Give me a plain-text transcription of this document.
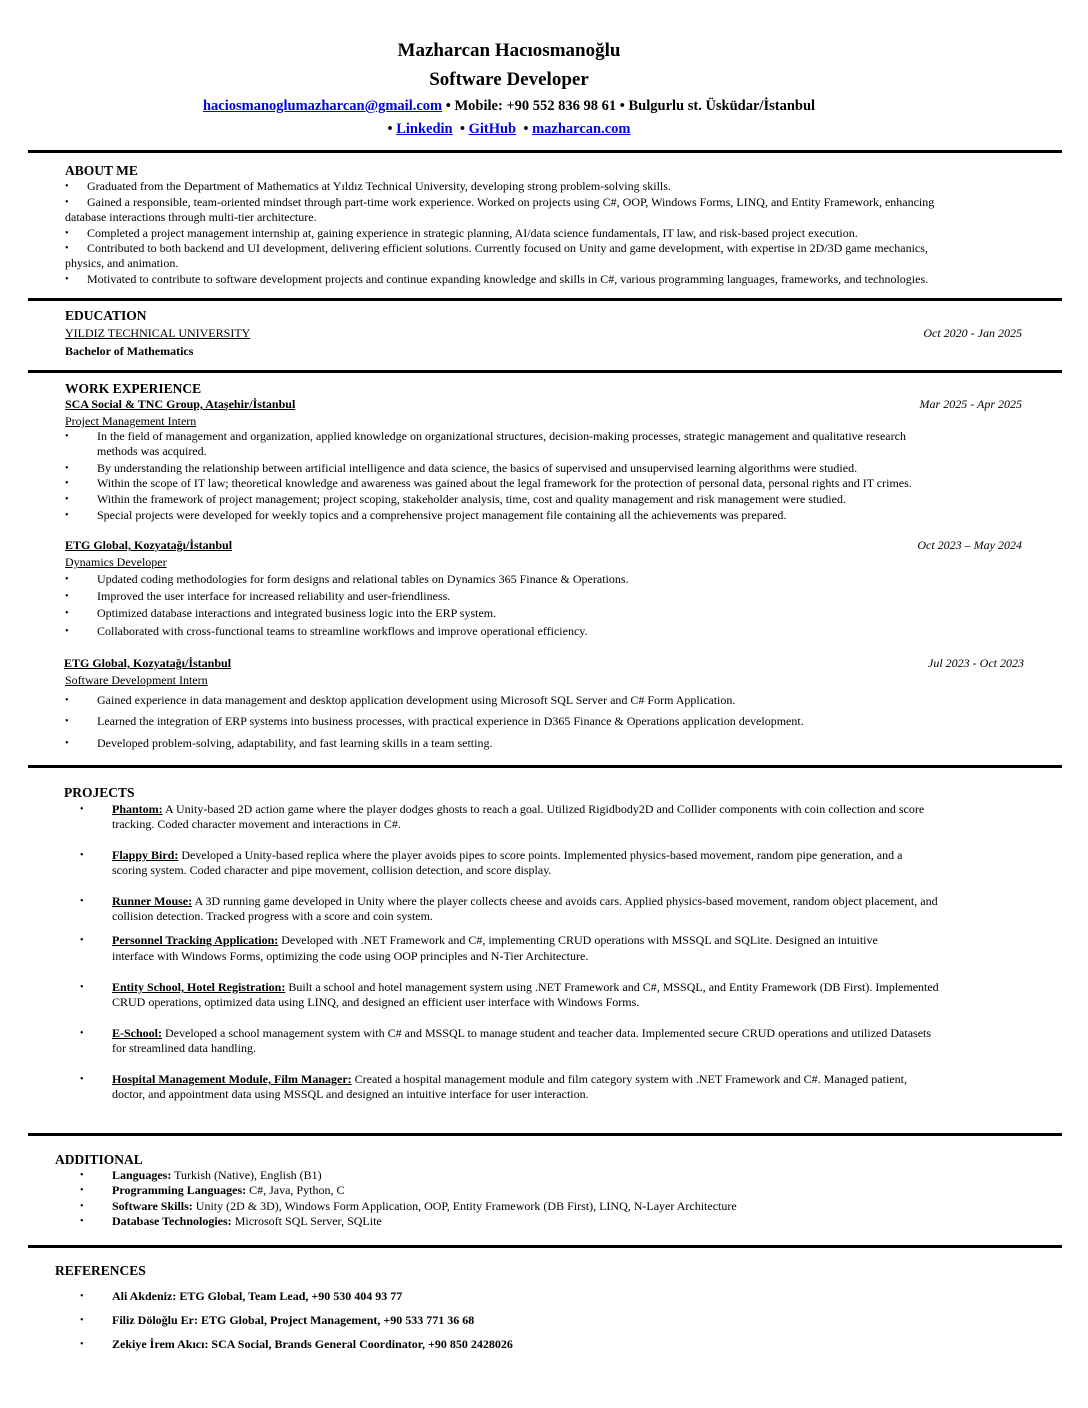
Mazharcan Hacıosmanoğlu
Software Developer
haciosmanoglumazharcan@gmail.com • Mobile: +90 552 836 98 61 • Bulgurlu st. Üsküdar/İstanbul
• Linkedin • GitHub • mazharcan.com
ABOUT ME
• Graduated from the Department of Mathematics at Yıldız Technical University, developing strong problem-solving skills.
• Gained a responsible, team-oriented mindset through part-time work experience. Worked on projects using C#, OOP, Windows Forms, LINQ, and Entity Framework, enhancing
database interactions through multi-tier architecture.
• Completed a project management internship at, gaining experience in strategic planning, AI/data science fundamentals, IT law, and risk-based project execution.
• Contributed to both backend and UI development, delivering efficient solutions. Currently focused on Unity and game development, with expertise in 2D/3D game mechanics,
physics, and animation.
• Motivated to contribute to software development projects and continue expanding knowledge and skills in C#, various programming languages, frameworks, and technologies.
EDUCATION
YILDIZ TECHNICAL UNIVERSITY	Oct 2020 - Jan 2025
Bachelor of Mathematics
WORK EXPERIENCE
SCA Social & TNC Group, Ataşehir/İstanbul	Mar 2025 - Apr 2025
Project Management Intern
• In the field of management and organization, applied knowledge on organizational structures, decision-making processes, strategic management and qualitative research
methods was acquired.
• By understanding the relationship between artificial intelligence and data science, the basics of supervised and unsupervised learning algorithms were studied.
• Within the scope of IT law; theoretical knowledge and awareness was gained about the legal framework for the protection of personal data, personal rights and IT crimes.
• Within the framework of project management; project scoping, stakeholder analysis, time, cost and quality management and risk management were studied.
• Special projects were developed for weekly topics and a comprehensive project management file containing all the achievements was prepared.
ETG Global, Kozyatağı/İstanbul	Oct 2023 – May 2024
Dynamics Developer
• Updated coding methodologies for form designs and relational tables on Dynamics 365 Finance & Operations.
• Improved the user interface for increased reliability and user-friendliness.
• Optimized database interactions and integrated business logic into the ERP system.
• Collaborated with cross-functional teams to streamline workflows and improve operational efficiency.
ETG Global, Kozyatağı/İstanbul	Jul 2023 - Oct 2023
Software Development Intern
• Gained experience in data management and desktop application development using Microsoft SQL Server and C# Form Application.
• Learned the integration of ERP systems into business processes, with practical experience in D365 Finance & Operations application development.
• Developed problem-solving, adaptability, and fast learning skills in a team setting.
PROJECTS
• Phantom: A Unity-based 2D action game where the player dodges ghosts to reach a goal. Utilized Rigidbody2D and Collider components with coin collection and score
tracking. Coded character movement and interactions in C#.
• Flappy Bird: Developed a Unity-based replica where the player avoids pipes to score points. Implemented physics-based movement, random pipe generation, and a
scoring system. Coded character and pipe movement, collision detection, and score display.
• Runner Mouse: A 3D running game developed in Unity where the player collects cheese and avoids cars. Applied physics-based movement, random object placement, and
collision detection. Tracked progress with a score and coin system.
• Personnel Tracking Application: Developed with .NET Framework and C#, implementing CRUD operations with MSSQL and SQLite. Designed an intuitive
interface with Windows Forms, optimizing the code using OOP principles and N-Tier Architecture.
• Entity School, Hotel Registration: Built a school and hotel management system using .NET Framework and C#, MSSQL, and Entity Framework (DB First). Implemented
CRUD operations, optimized data using LINQ, and designed an efficient user interface with Windows Forms.
• E-School: Developed a school management system with C# and MSSQL to manage student and teacher data. Implemented secure CRUD operations and utilized Datasets
for streamlined data handling.
• Hospital Management Module, Film Manager: Created a hospital management module and film category system with .NET Framework and C#. Managed patient,
doctor, and appointment data using MSSQL and designed an intuitive interface for user interaction.
ADDITIONAL
• Languages: Turkish (Native), English (B1)
• Programming Languages: C#, Java, Python, C
• Software Skills: Unity (2D & 3D), Windows Form Application, OOP, Entity Framework (DB First), LINQ, N-Layer Architecture
• Database Technologies: Microsoft SQL Server, SQLite
REFERENCES
• Ali Akdeniz: ETG Global, Team Lead, +90 530 404 93 77
• Filiz Döloğlu Er: ETG Global, Project Management, +90 533 771 36 68
• Zekiye İrem Akıcı: SCA Social, Brands General Coordinator, +90 850 2428026
